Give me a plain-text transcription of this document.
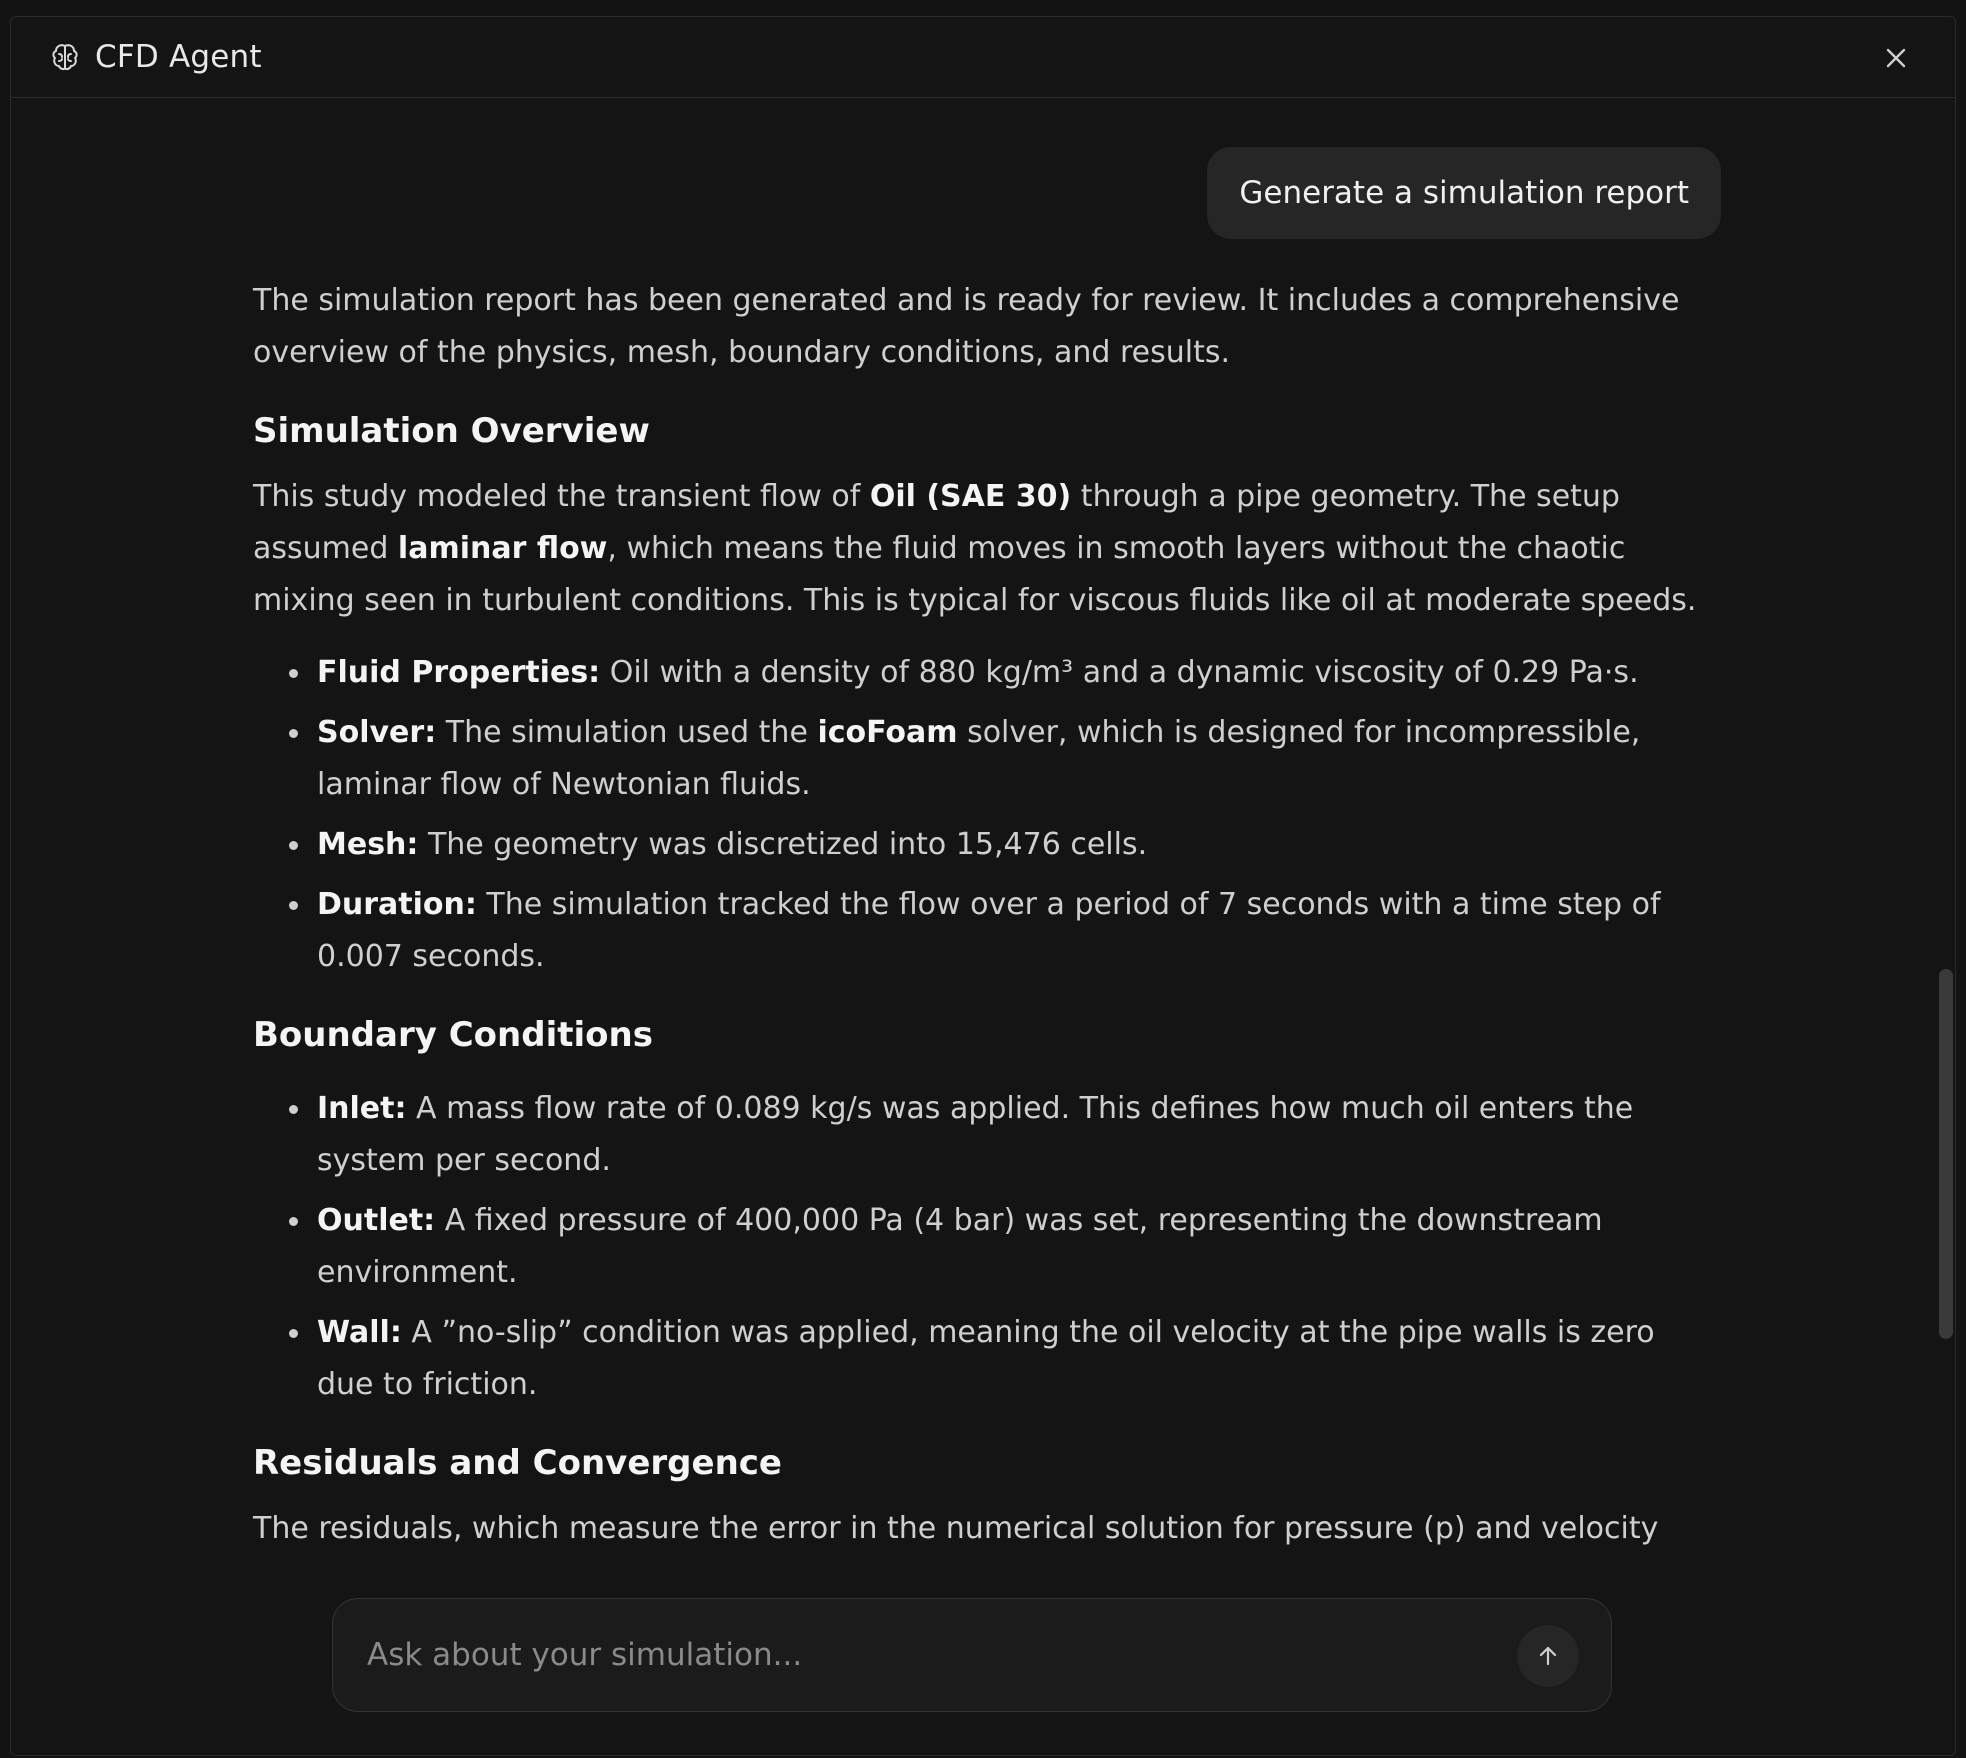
CFD Agent
Generate a simulation report

The simulation report has been generated and is ready for review. It includes a comprehensive overview of the physics, mesh, boundary conditions, and results.

Simulation Overview

This study modeled the transient flow of Oil (SAE 30) through a pipe geometry. The setup assumed laminar flow, which means the fluid moves in smooth layers without the chaotic mixing seen in turbulent conditions. This is typical for viscous fluids like oil at moderate speeds.

Fluid Properties: Oil with a density of 880 kg/m³ and a dynamic viscosity of 0.29 Pa·s.
Solver: The simulation used the icoFoam solver, which is designed for incompressible, laminar flow of Newtonian fluids.
Mesh: The geometry was discretized into 15,476 cells.
Duration: The simulation tracked the flow over a period of 7 seconds with a time step of 0.007 seconds.
Boundary Conditions
Inlet: A mass flow rate of 0.089 kg/s was applied. This defines how much oil enters the system per second.
Outlet: A fixed pressure of 400,000 Pa (4 bar) was set, representing the downstream environment.
Wall: A ”no-slip” condition was applied, meaning the oil velocity at the pipe walls is zero due to friction.
Residuals and Convergence

The residuals, which measure the error in the numerical solution for pressure (p) and velocity

Ask about your simulation...
